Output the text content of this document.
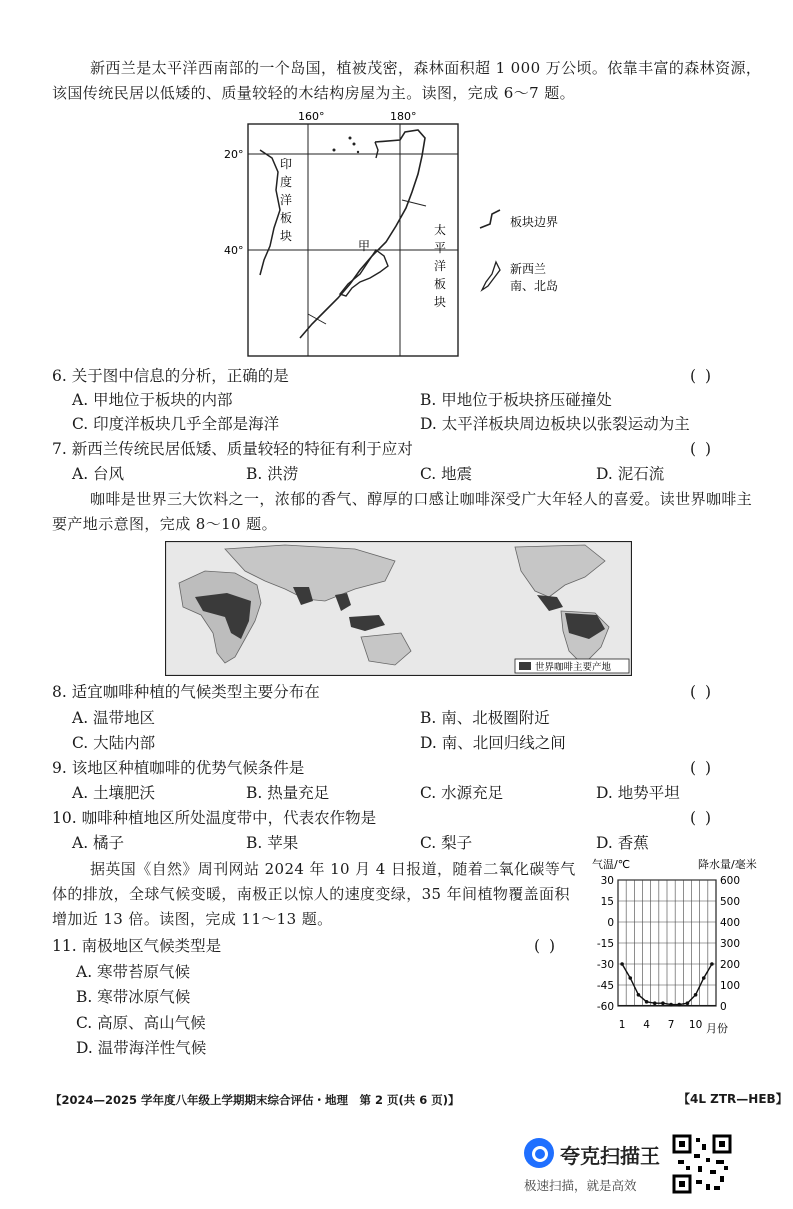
新西兰是太平洋西南部的一个岛国，植被茂密，森林面积超 1 000 万公顷。依靠丰富的森林资源，该国传统民居以低矮的、质量较轻的木结构房屋为主。读图，完成 6～7 题。
160°	180°
20°
40°
印
度
洋
板
块	太
平
洋
板
块
甲
板块边界
新西兰
南、北岛
6. 关于图中信息的分析，正确的是	( )
A. 甲地位于板块的内部	B. 甲地位于板块挤压碰撞处
C. 印度洋板块几乎全部是海洋	D. 太平洋板块周边板块以张裂运动为主
7. 新西兰传统民居低矮、质量较轻的特征有利于应对	( )
A. 台风	B. 洪涝	C. 地震	D. 泥石流
咖啡是世界三大饮料之一，浓郁的香气、醇厚的口感让咖啡深受广大年轻人的喜爱。读世界咖啡主要产地示意图，完成 8～10 题。
世界咖啡主要产地
8. 适宜咖啡种植的气候类型主要分布在	( )
A. 温带地区	B. 南、北极圈附近
C. 大陆内部	D. 南、北回归线之间
9. 该地区种植咖啡的优势气候条件是	( )
A. 土壤肥沃	B. 热量充足	C. 水源充足	D. 地势平坦
10. 咖啡种植地区所处温度带中，代表农作物是	( )
A. 橘子	B. 苹果	C. 梨子	D. 香蕉
据英国《自然》周刊网站 2024 年 10 月 4 日报道，随着二氧化碳等气体的排放，全球气候变暖，南极正以惊人的速度变绿，35 年间植物覆盖面积增加近 13 倍。读图，完成 11～13 题。
11. 南极地区气候类型是	( )
A. 寒带苔原气候
B. 寒带冰原气候
C. 高原、高山气候
D. 温带海洋性气候
气温/℃	降水量/毫米
30
15
0
-15
-30
-45
-60
600
500
400
300
200
100
0
1 4 7 10 月份
【2024—2025 学年度八年级上学期期末综合评估・地理　第 2 页(共 6 页)】	【4L ZTR—HEB】
夸克扫描王
极速扫描，就是高效
